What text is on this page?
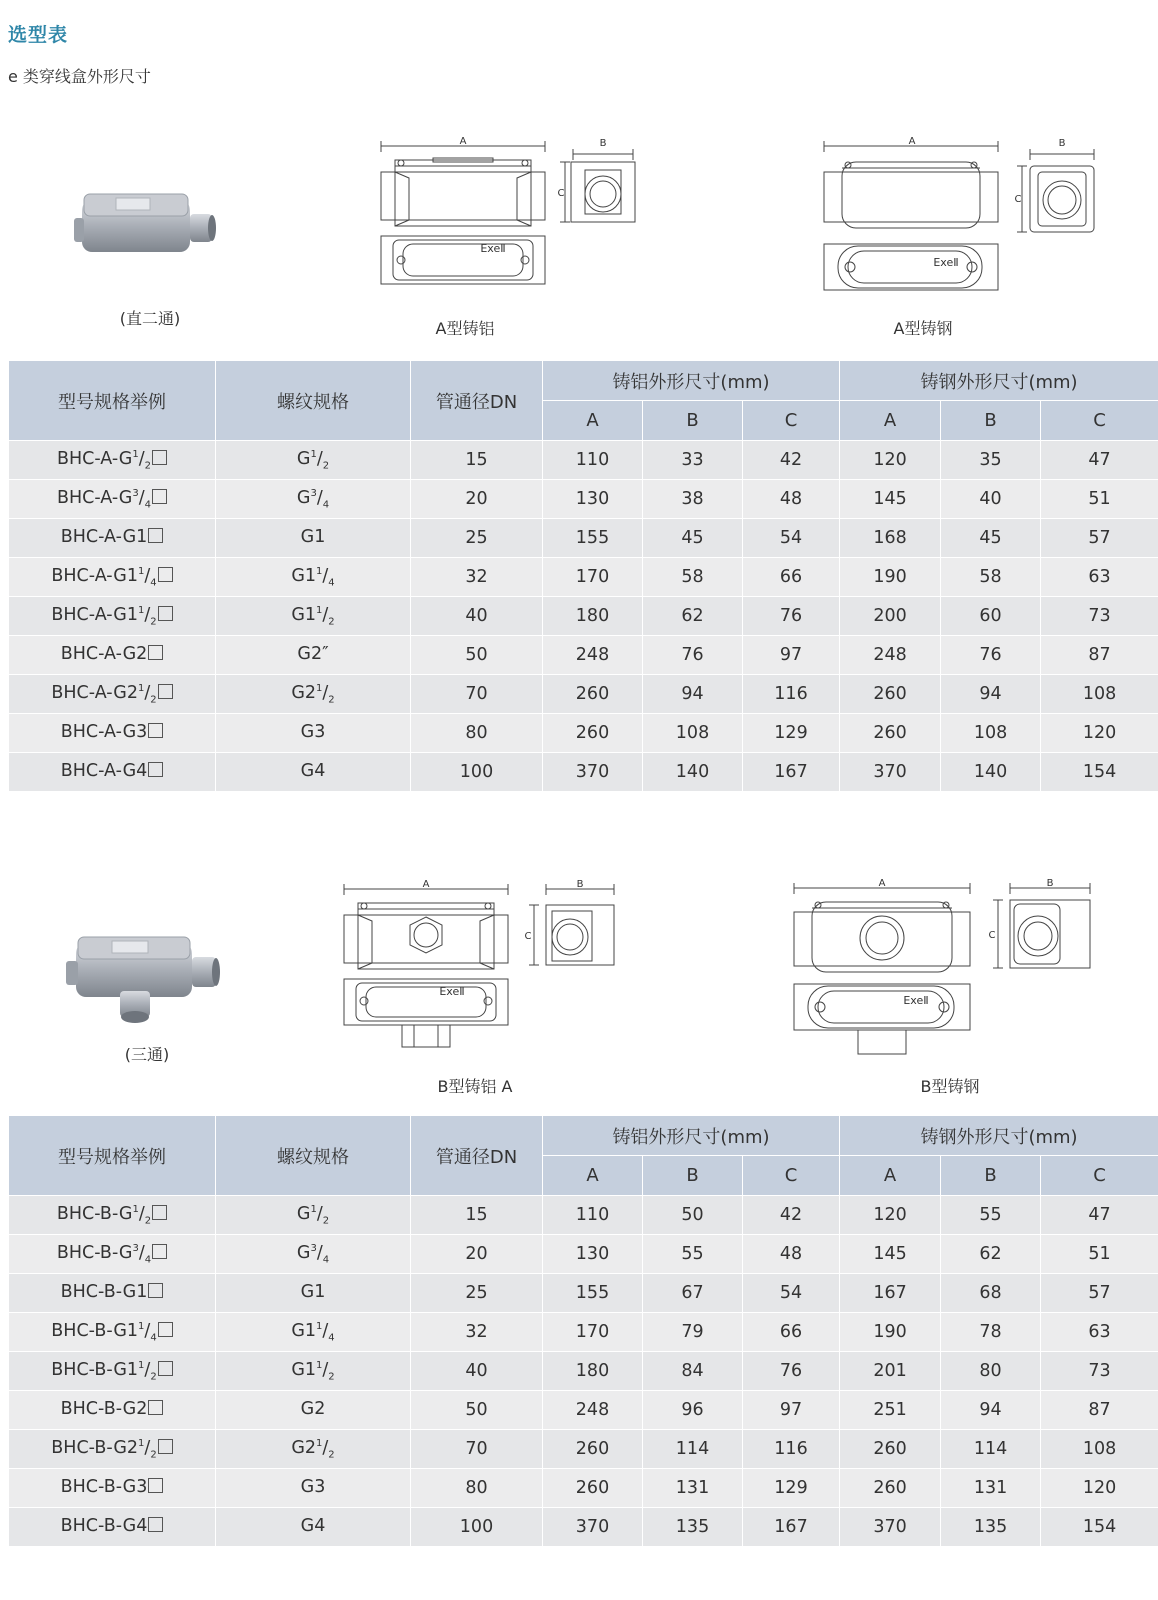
选型表
e 类穿线盒外形尺寸
(直二通)
A	B
C
ExeⅡ
A型铸铝
A	B
C
ExeⅡ
A型铸钢
型号规格举例	螺纹规格	管通径DN	铸铝外形尺寸(mm)			铸钢外形尺寸(mm)		
			A	B	C	A	B	C
BHC-$A-G^1/_2$	$G^1/_2$	15	110	33	42	120	35	47
BHC-$A-G^3/_4$	$G^3/_4$	20	130	38	48	145	40	51
BHC-A-G1	G1	25	155	45	54	168	45	57
BHC-$A-G1^1/_4$	$G1^1/_4$	32	170	58	66	190	58	63
BHC-$A-G1^1/_2$	$G1^1/_2$	40	180	62	76	200	60	73
BHC-A-G2	G2″	50	248	76	97	248	76	87
BHC-$A-G2^1/_2$	$G2^1/_2$	70	260	94	116	260	94	108
BHC-A-G3	G3	80	260	108	129	260	108	120
BHC-A-G4	G4	100	370	140	167	370	140	154
(三通)
A	B
C
ExeⅡ
B型铸铝 A
A	B
C
ExeⅡ
B型铸钢
型号规格举例	螺纹规格	管通径DN	铸铝外形尺寸(mm)			铸钢外形尺寸(mm)		
			A	B	C	A	B	C
BHC-$B-G^1/_2$	$G^1/_2$	15	110	50	42	120	55	47
BHC-$B-G^3/_4$	$G^3/_4$	20	130	55	48	145	62	51
BHC-B-G1	G1	25	155	67	54	167	68	57
BHC-$B-G1^1/_4$	$G1^1/_4$	32	170	79	66	190	78	63
BHC-$B-G1^1/_2$	$G1^1/_2$	40	180	84	76	201	80	73
BHC-B-G2	G2	50	248	96	97	251	94	87
BHC-$B-G2^1/_2$	$G2^1/_2$	70	260	114	116	260	114	108
BHC-B-G3	G3	80	260	131	129	260	131	120
BHC-B-G4	G4	100	370	135	167	370	135	154
